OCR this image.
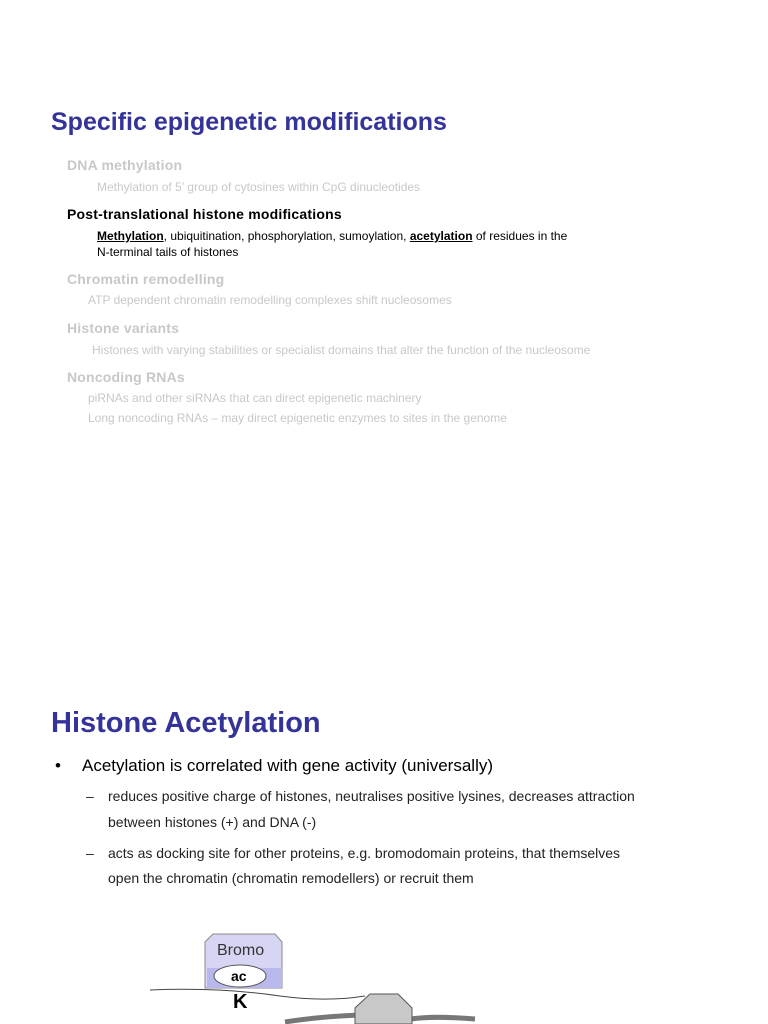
Specific epigenetic modifications
DNA methylation
Methylation of 5’ group of cytosines within CpG dinucleotides
Post-translational histone modifications
Methylation, ubiquitination, phosphorylation, sumoylation, acetylation of residues in the
N-terminal tails of histones
Chromatin remodelling
ATP dependent chromatin remodelling complexes shift nucleosomes
Histone variants
Histones with varying stabilities or specialist domains that alter the function of the nucleosome
Noncoding RNAs
piRNAs and other siRNAs that can direct epigenetic machinery
Long noncoding RNAs – may direct epigenetic enzymes to sites in the genome
Histone Acetylation
• Acetylation is correlated with gene activity (universally)
– reduces positive charge of histones, neutralises positive lysines, decreases attraction
between histones (+) and DNA (-)
– acts as docking site for other proteins, e.g. bromodomain proteins, that themselves
open the chromatin (chromatin remodellers) or recruit them
Bromo
ac
K
